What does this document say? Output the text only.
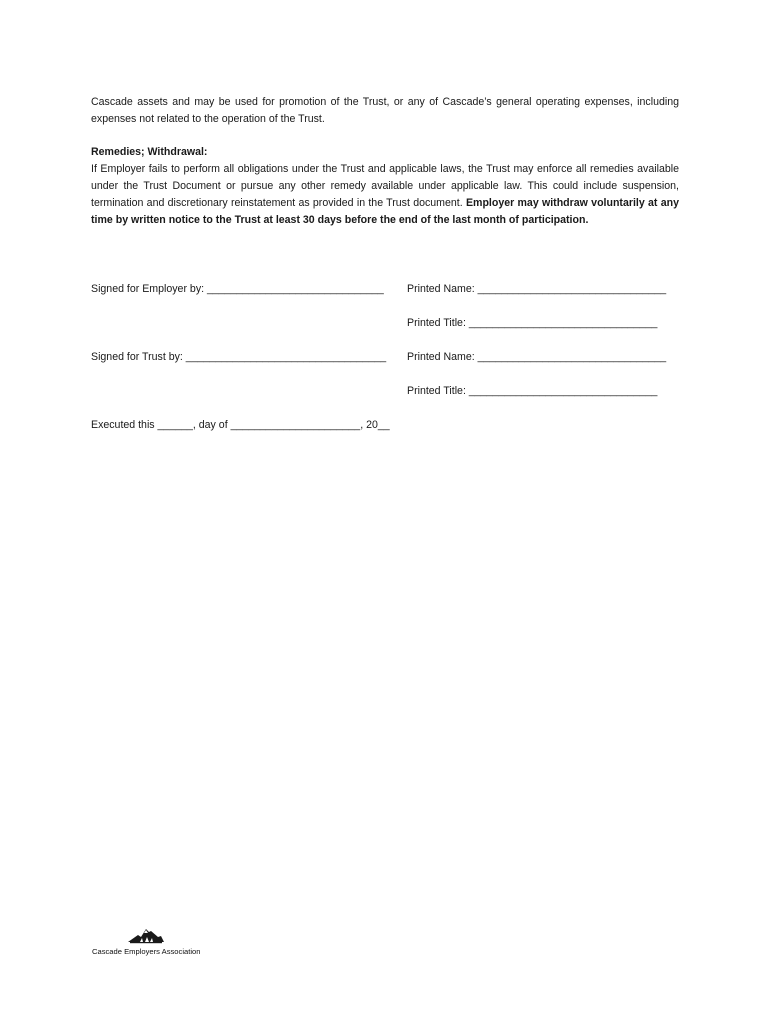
Cascade assets and may be used for promotion of the Trust, or any of Cascade’s general operating expenses, including expenses not related to the operation of the Trust.

Remedies; Withdrawal:

If Employer fails to perform all obligations under the Trust and applicable laws, the Trust may enforce all remedies available under the Trust Document or pursue any other remedy available under applicable law. This could include suspension, termination and discretionary reinstatement as provided in the Trust document. Employer may withdraw voluntarily at any time by written notice to the Trust at least 30 days before the end of the last month of participation.

Signed for Employer by: ______________________________ Printed Name: ________________________________
Printed Title: ________________________________
Signed for Trust by: __________________________________ Printed Name: ________________________________
Printed Title: ________________________________
Executed this ______, day of ______________________, 20__
Cascade Employers Association
